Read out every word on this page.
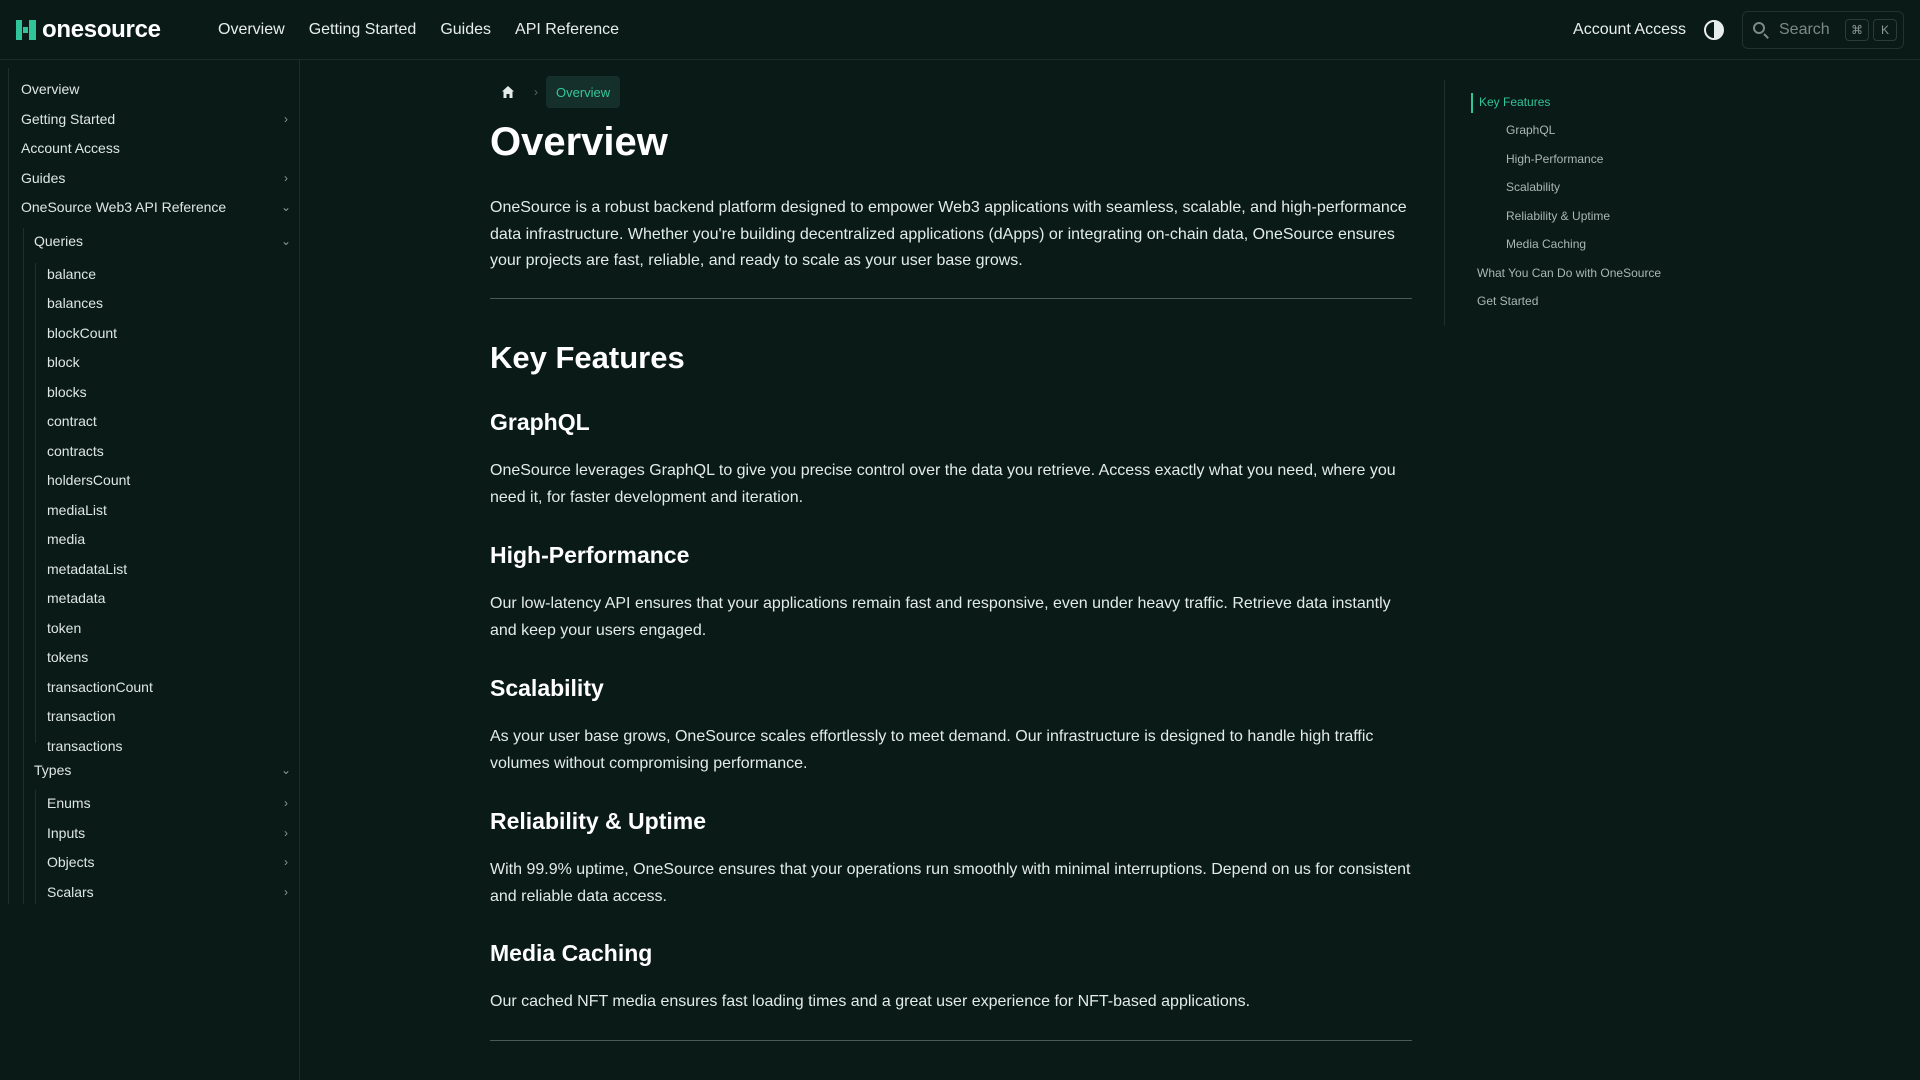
onesource	Overview Getting Started Guides API Reference	Account Access	Search	⌘	K
Overview
Getting Started	›
Account Access
Guides	›
OneSource Web3 API Reference	⌄
Queries	⌄
balance
balances
blockCount
block
blocks
contract
contracts
holdersCount
mediaList
media
metadataList
metadata
token
tokens
transactionCount
transaction
transactions
Types	⌄
Enums	›
Inputs	›
Objects	›
Scalars	›
›	Overview
Overview

OneSource is a robust backend platform designed to empower Web3 applications with seamless, scalable, and high-performance data infrastructure. Whether you're building decentralized applications (dApps) or integrating on-chain data, OneSource ensures your projects are fast, reliable, and ready to scale as your user base grows.

Key Features
GraphQL

OneSource leverages GraphQL to give you precise control over the data you retrieve. Access exactly what you need, where you need it, for faster development and iteration.

High-Performance

Our low-latency API ensures that your applications remain fast and responsive, even under heavy traffic. Retrieve data instantly and keep your users engaged.

Scalability

As your user base grows, OneSource scales effortlessly to meet demand. Our infrastructure is designed to handle high traffic volumes without compromising performance.

Reliability & Uptime

With 99.9% uptime, OneSource ensures that your operations run smoothly with minimal interruptions. Depend on us for consistent and reliable data access.

Media Caching

Our cached NFT media ensures fast loading times and a great user experience for NFT-based applications.

Key Features
GraphQL
High-Performance
Scalability
Reliability & Uptime
Media Caching
What You Can Do with OneSource
Get Started
